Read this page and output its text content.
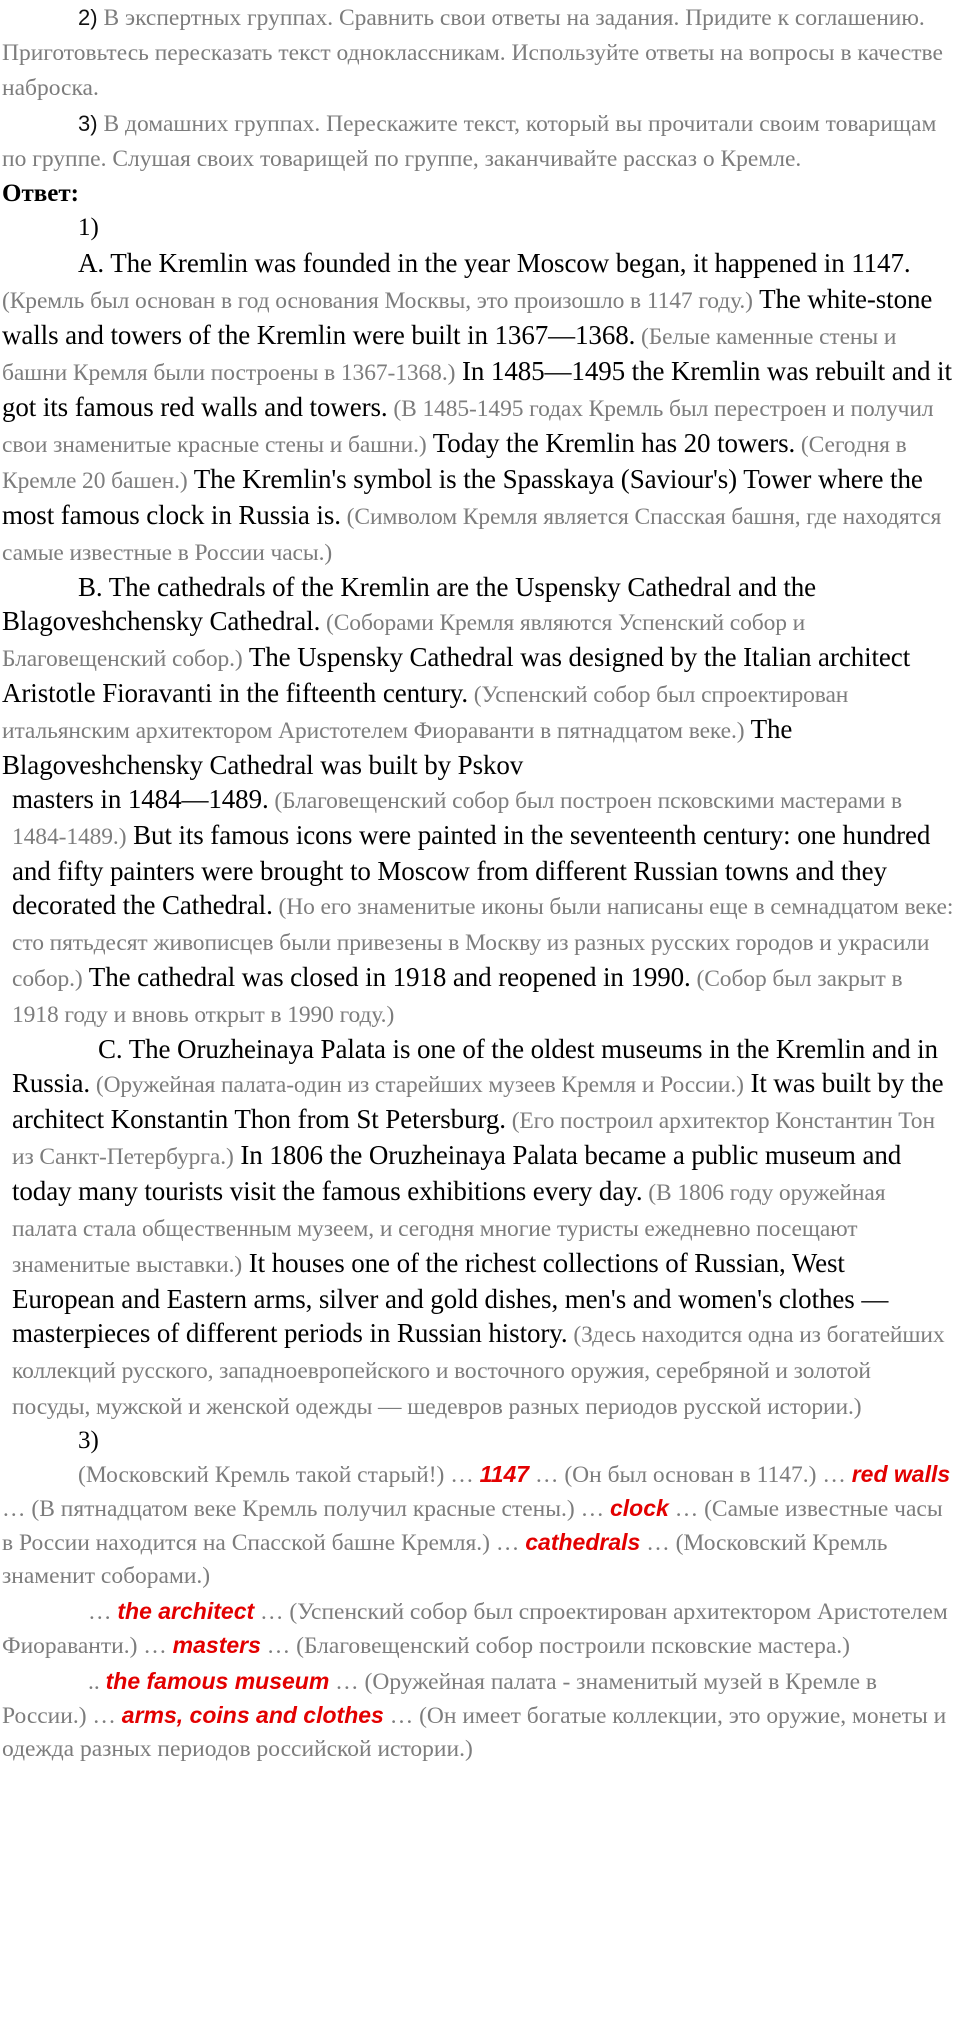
2) В экспертных группах. Сравнить свои ответы на задания. Придите к соглашению. Приготовьтесь пересказать текст одноклассникам. Используйте ответы на вопросы в качестве наброска.

3) В домашних группах. Перескажите текст, который вы прочитали своим товарищам по группе. Слушая своих товарищей по группе, заканчивайте рассказ о Кремле.

Ответ:

1)

A. The Kremlin was founded in the year Moscow began, it happened in 1147. (Кремль был основан в год основания Москвы, это произошло в 1147 году.) The white-stone walls and towers of the Kremlin were built in 1367—1368. (Белые каменные стены и башни Кремля были построены в 1367-1368.) In 1485—1495 the Kremlin was rebuilt and it got its famous red walls and towers. (В 1485-1495 годах Кремль был перестроен и получил свои знаменитые красные стены и башни.) Today the Kremlin has 20 towers. (Сегодня в Кремле 20 башен.) The Kremlin's symbol is the Spasskaya (Saviour's) Tower where the most famous clock in Russia is. (Символом Кремля является Спасская башня, где находятся самые известные в России часы.)

B. The cathedrals of the Kremlin are the Uspensky Cathedral and the Blagoveshchensky Cathedral. (Соборами Кремля являются Успенский собор и Благовещенский собор.) The Uspensky Cathedral was designed by the Italian architect Aristotle Fioravanti in the fifteenth century. (Успенский собор был спроектирован итальянским архитектором Аристотелем Фиораванти в пятнадцатом веке.) The Blagoveshchensky Cathedral was built by Pskov

masters in 1484—1489. (Благовещенский собор был построен псковскими мастерами в 1484-1489.) But its famous icons were painted in the seventeenth century: one hundred and fifty painters were brought to Moscow from different Russian towns and they decorated the Cathedral. (Но его знаменитые иконы были написаны еще в семнадцатом веке: сто пятьдесят живописцев были привезены в Москву из разных русских городов и украсили собор.) The cathedral was closed in 1918 and reopened in 1990. (Собор был закрыт в 1918 году и вновь открыт в 1990 году.)

C. The Oruzheinaya Palata is one of the oldest museums in the Kremlin and in Russia. (Оружейная палата-один из старейших музеев Кремля и России.) It was built by the architect Konstantin Thon from St Petersburg. (Его построил архитектор Константин Тон из Санкт-Петербурга.) In 1806 the Oruzheinaya Palata became a public museum and today many tourists visit the famous exhibitions every day. (В 1806 году оружейная палата стала общественным музеем, и сегодня многие туристы ежедневно посещают знаменитые выставки.) It houses one of the richest collections of Russian, West European and Eastern arms, silver and gold dishes, men's and women's clothes — masterpieces of different periods in Russian history. (Здесь находится одна из богатейших коллекций русского, западноевропейского и восточного оружия, серебряной и золотой посуды, мужской и женской одежды — шедевров разных периодов русской истории.)

3)

(Московский Кремль такой старый!) … 1147 … (Он был основан в 1147.) … red walls … (В пятнадцатом веке Кремль получил красные стены.) … clock … (Самые известные часы в России находится на Спасской башне Кремля.) … cathedrals … (Московский Кремль знаменит соборами.)

… the architect … (Успенский собор был спроектирован архитектором Аристотелем Фиораванти.) … masters … (Благовещенский собор построили псковские мастера.)

.. the famous museum … (Оружейная палата - знаменитый музей в Кремле в России.) … arms, coins and clothes … (Он имеет богатые коллекции, это оружие, монеты и одежда разных периодов российской истории.)
